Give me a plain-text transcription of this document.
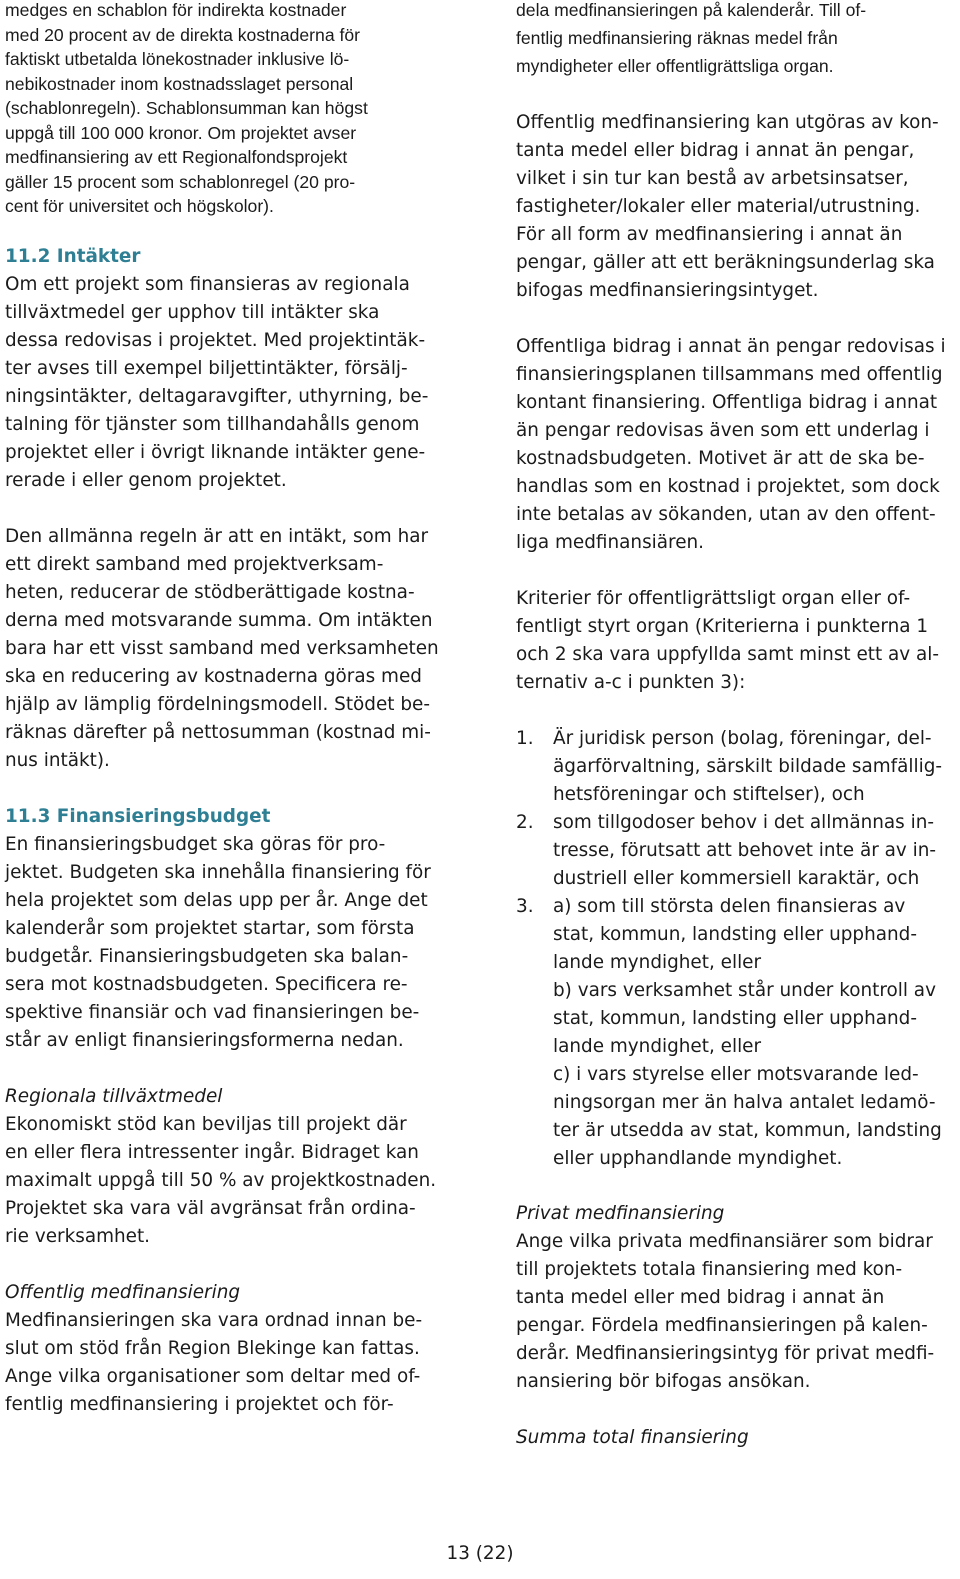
medges en schablon för indirekta kostnader
med 20 procent av de direkta kostnaderna för
faktiskt utbetalda lönekostnader inklusive lö-
nebikostnader inom kostnadsslaget personal
(schablonregeln). Schablonsumman kan högst
uppgå till 100 000 kronor. Om projektet avser
medfinansiering av ett Regionalfondsprojekt
gäller 15 procent som schablonregel (20 pro-
cent för universitet och högskolor).
11.2 Intäkter
Om ett projekt som finansieras av regionala
tillväxtmedel ger upphov till intäkter ska
dessa redovisas i projektet. Med projektintäk-
ter avses till exempel biljettintäkter, försälj-
ningsintäkter, deltagaravgifter, uthyrning, be-
talning för tjänster som tillhandahålls genom
projektet eller i övrigt liknande intäkter gene-
rerade i eller genom projektet.
Den allmänna regeln är att en intäkt, som har
ett direkt samband med projektverksam-
heten, reducerar de stödberättigade kostna-
derna med motsvarande summa. Om intäkten
bara har ett visst samband med verksamheten
ska en reducering av kostnaderna göras med
hjälp av lämplig fördelningsmodell. Stödet be-
räknas därefter på nettosumman (kostnad mi-
nus intäkt).
11.3 Finansieringsbudget
En finansieringsbudget ska göras för pro-
jektet. Budgeten ska innehålla finansiering för
hela projektet som delas upp per år. Ange det
kalenderår som projektet startar, som första
budgetår. Finansieringsbudgeten ska balan-
sera mot kostnadsbudgeten. Specificera re-
spektive finansiär och vad finansieringen be-
står av enligt finansieringsformerna nedan.
Regionala tillväxtmedel
Ekonomiskt stöd kan beviljas till projekt där
en eller flera intressenter ingår. Bidraget kan
maximalt uppgå till 50 % av projektkostnaden.
Projektet ska vara väl avgränsat från ordina-
rie verksamhet.
Offentlig medfinansiering
Medfinansieringen ska vara ordnad innan be-
slut om stöd från Region Blekinge kan fattas.
Ange vilka organisationer som deltar med of-
fentlig medfinansiering i projektet och för-
dela medfinansieringen på kalenderår. Till of-
fentlig medfinansiering räknas medel från
myndigheter eller offentligrättsliga organ.
Offentlig medfinansiering kan utgöras av kon-
tanta medel eller bidrag i annat än pengar,
vilket i sin tur kan bestå av arbetsinsatser,
fastigheter/lokaler eller material/utrustning.
För all form av medfinansiering i annat än
pengar, gäller att ett beräkningsunderlag ska
bifogas medfinansieringsintyget.
Offentliga bidrag i annat än pengar redovisas i
finansieringsplanen tillsammans med offentlig
kontant finansiering. Offentliga bidrag i annat
än pengar redovisas även som ett underlag i
kostnadsbudgeten. Motivet är att de ska be-
handlas som en kostnad i projektet, som dock
inte betalas av sökanden, utan av den offent-
liga medfinansiären.
Kriterier för offentligrättsligt organ eller of-
fentligt styrt organ (Kriterierna i punkterna 1
och 2 ska vara uppfyllda samt minst ett av al-
ternativ a-c i punkten 3):
1. Är juridisk person (bolag, föreningar, del-
ägarförvaltning, särskilt bildade samfällig-
hetsföreningar och stiftelser), och
2. som tillgodoser behov i det allmännas in-
tresse, förutsatt att behovet inte är av in-
dustriell eller kommersiell karaktär, och
3. a) som till största delen finansieras av
stat, kommun, landsting eller upphand-
lande myndighet, eller
b) vars verksamhet står under kontroll av
stat, kommun, landsting eller upphand-
lande myndighet, eller
c) i vars styrelse eller motsvarande led-
ningsorgan mer än halva antalet ledamö-
ter är utsedda av stat, kommun, landsting
eller upphandlande myndighet.
Privat medfinansiering
Ange vilka privata medfinansiärer som bidrar
till projektets totala finansiering med kon-
tanta medel eller med bidrag i annat än
pengar. Fördela medfinansieringen på kalen-
derår. Medfinansieringsintyg för privat medfi-
nansiering bör bifogas ansökan.
Summa total finansiering
13 (22)
